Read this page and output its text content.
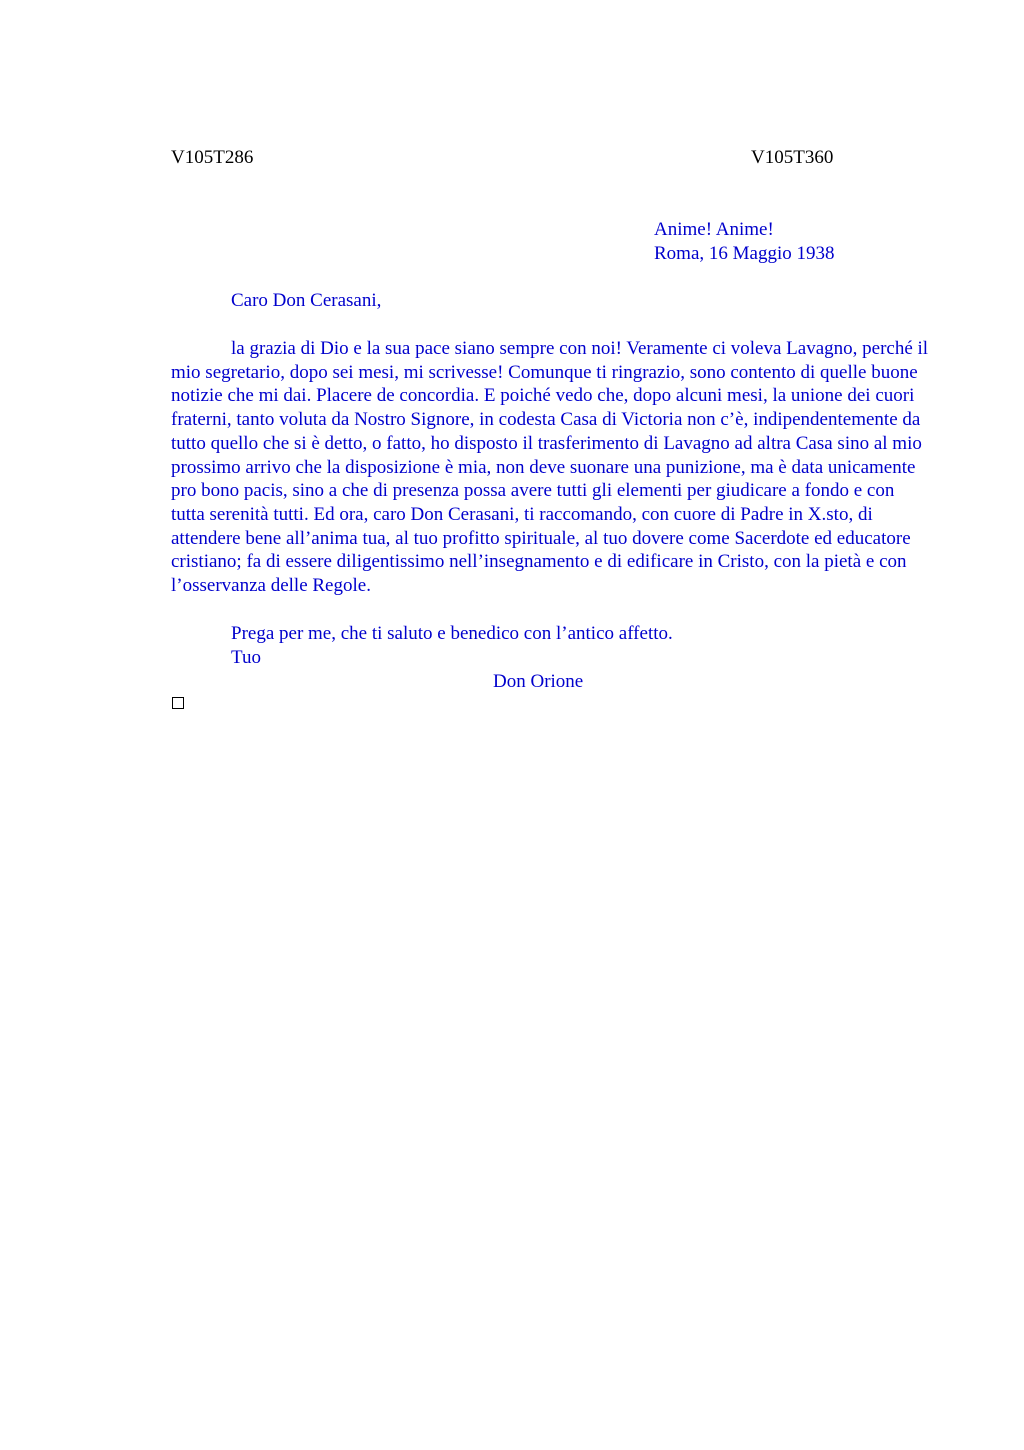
V105T286	V105T360
Anime! Anime!
Roma, 16 Maggio 1938
Caro Don Cerasani,

la grazia di Dio e la sua pace siano sempre con noi! Veramente ci voleva Lavagno, perché il mio segretario, dopo sei mesi, mi scrivesse! Comunque ti ringrazio, sono contento di quelle buone notizie che mi dai. Placere de concordia. E poiché vedo che, dopo alcuni mesi, la unione dei cuori fraterni, tanto voluta da Nostro Signore, in codesta Casa di Victoria non c’è, indipendentemente da tutto quello che si è detto, o fatto, ho disposto il trasferimento di Lavagno ad altra Casa sino al mio prossimo arrivo che la disposizione è mia, non deve suonare una punizione, ma è data unicamente pro bono pacis, sino a che di presenza possa avere tutti gli elementi per giudicare a fondo e con tutta serenità tutti. Ed ora, caro Don Cerasani, ti raccomando, con cuore di Padre in X.sto, di attendere bene all’anima tua, al tuo profitto spirituale, al tuo dovere come Sacerdote ed educatore cristiano; fa di essere diligentissimo nell’insegnamento e di edificare in Cristo, con la pietà e con l’osservanza delle Regole.

Prega per me, che ti saluto e benedico con l’antico affetto.
Tuo
Don Orione
